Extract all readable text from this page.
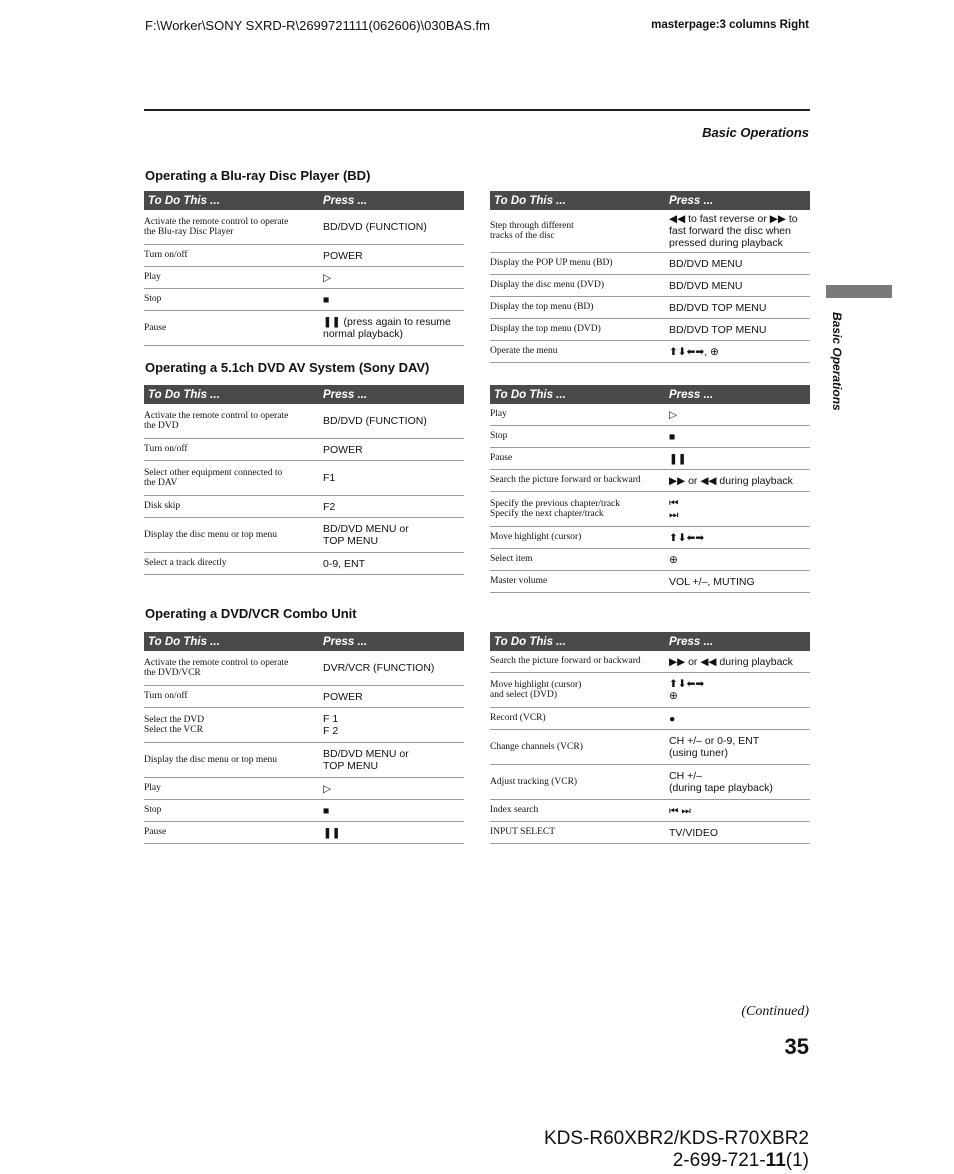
F:\Worker\SONY SXRD-R\2699721111(062606)\030BAS.fm	masterpage:3 columns Right
Basic Operations
Operating a Blu-ray Disc Player (BD)
To Do This ...	Press ...
Activate the remote control to operate
the Blu-ray Disc Player	BD/DVD (FUNCTION)
Turn on/off	POWER
Play	▷
Stop	■
Pause	❚❚ (press again to resume
normal playback)
To Do This ...	Press ...
Step through different
tracks of the disc	◀◀ to fast reverse or ▶▶ to
fast forward the disc when
pressed during playback
Display the POP UP menu (BD)	BD/DVD MENU
Display the disc menu (DVD)	BD/DVD MENU
Display the top menu (BD)	BD/DVD TOP MENU
Display the top menu (DVD)	BD/DVD TOP MENU
Operate the menu	⬆⬇⬅➡, ⊕
Operating a 5.1ch DVD AV System (Sony DAV)
To Do This ...	Press ...
Activate the remote control to operate
the DVD	BD/DVD (FUNCTION)
Turn on/off	POWER
Select other equipment connected to
the DAV	F1
Disk skip	F2
Display the disc menu or top menu	BD/DVD MENU or
TOP MENU
Select a track directly	0-9, ENT
To Do This ...	Press ...
Play	▷
Stop	■
Pause	❚❚
Search the picture forward or backward	▶▶ or ◀◀ during playback
Specify the previous chapter/track
Specify the next chapter/track	⏮
⏭
Move highlight (cursor)	⬆⬇⬅➡
Select item	⊕
Master volume	VOL +/–, MUTING
Operating a DVD/VCR Combo Unit
To Do This ...	Press ...
Activate the remote control to operate
the DVD/VCR	DVR/VCR (FUNCTION)
Turn on/off	POWER
Select the DVD
Select the VCR	F 1
F 2
Display the disc menu or top menu	BD/DVD MENU or
TOP MENU
Play	▷
Stop	■
Pause	❚❚
To Do This ...	Press ...
Search the picture forward or backward	▶▶ or ◀◀ during playback
Move highlight (cursor)
and select (DVD)	⬆⬇⬅➡
⊕
Record (VCR)	●
Change channels (VCR)	CH +/– or 0-9, ENT
(using tuner)
Adjust tracking (VCR)	CH +/–
(during tape playback)
Index search	⏮ ⏭
INPUT SELECT	TV/VIDEO
Basic Operations
(Continued)
35
KDS-R60XBR2/KDS-R70XBR2
2-699-721-11(1)
